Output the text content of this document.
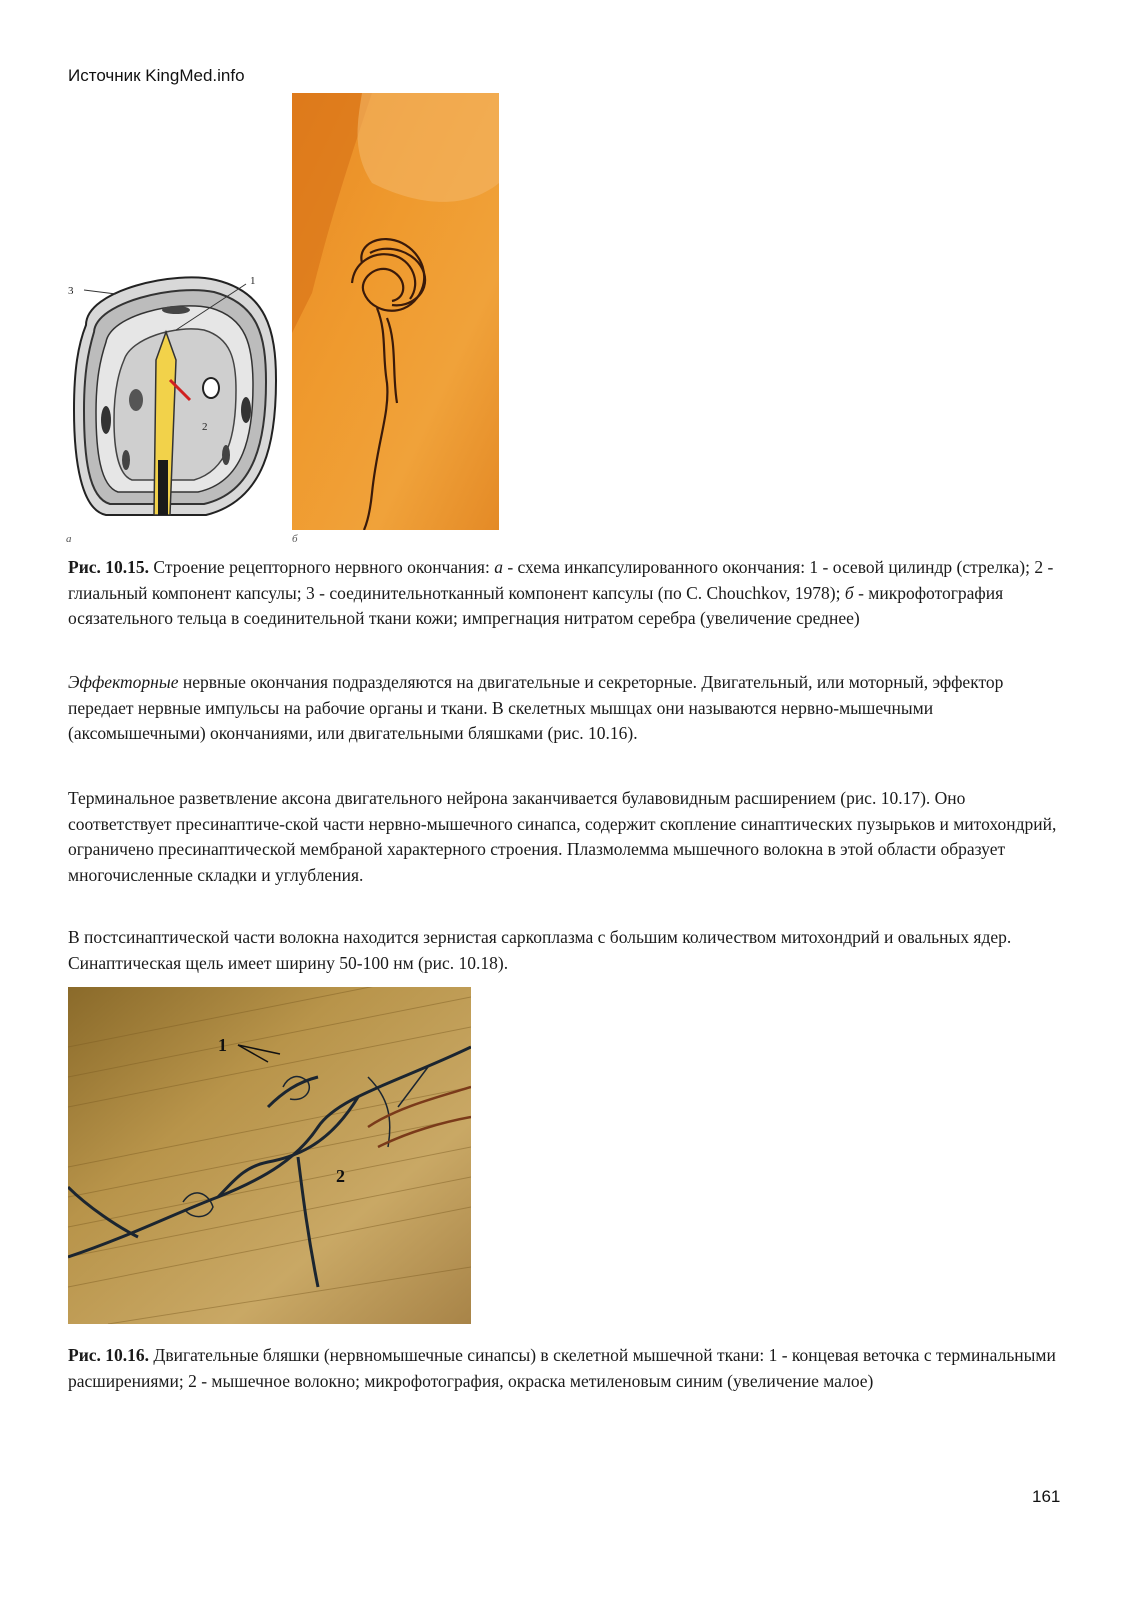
Источник KingMed.info
1
2
3
а	б

Рис. 10.15. Строение рецепторного нервного окончания: а - схема инкапсулированного окончания: 1 - осевой цилиндр (стрелка); 2 - глиальный компонент капсулы; 3 - соединительнотканный компонент капсулы (по С. Chouchkov, 1978); б - микрофотография осязательного тельца в соединительной ткани кожи; импрегнация нитратом серебра (увеличение среднее)

Эффекторные нервные окончания подразделяются на двигательные и секреторные. Двигательный, или моторный, эффектор передает нервные импульсы на рабочие органы и ткани. В скелетных мышцах они называются нервно-мышечными (аксомышечными) окончаниями, или двигательными бляшками (рис. 10.16).

Терминальное разветвление аксона двигательного нейрона заканчивается булавовидным расширением (рис. 10.17). Оно соответствует пресинаптиче-ской части нервно-мышечного синапса, содержит скопление синаптических пузырьков и митохондрий, ограничено пресинаптической мембраной характерного строения. Плазмолемма мышечного волокна в этой области образует многочисленные складки и углубления.

В постсинаптической части волокна находится зернистая саркоплазма с большим количеством митохондрий и овальных ядер. Синаптическая щель имеет ширину 50-100 нм (рис. 10.18).

1
2

Рис. 10.16. Двигательные бляшки (нервномышечные синапсы) в скелетной мышечной ткани: 1 - концевая веточка с терминальными расширениями; 2 - мышечное волокно; микрофотография, окраска метиленовым синим (увеличение малое)

161
